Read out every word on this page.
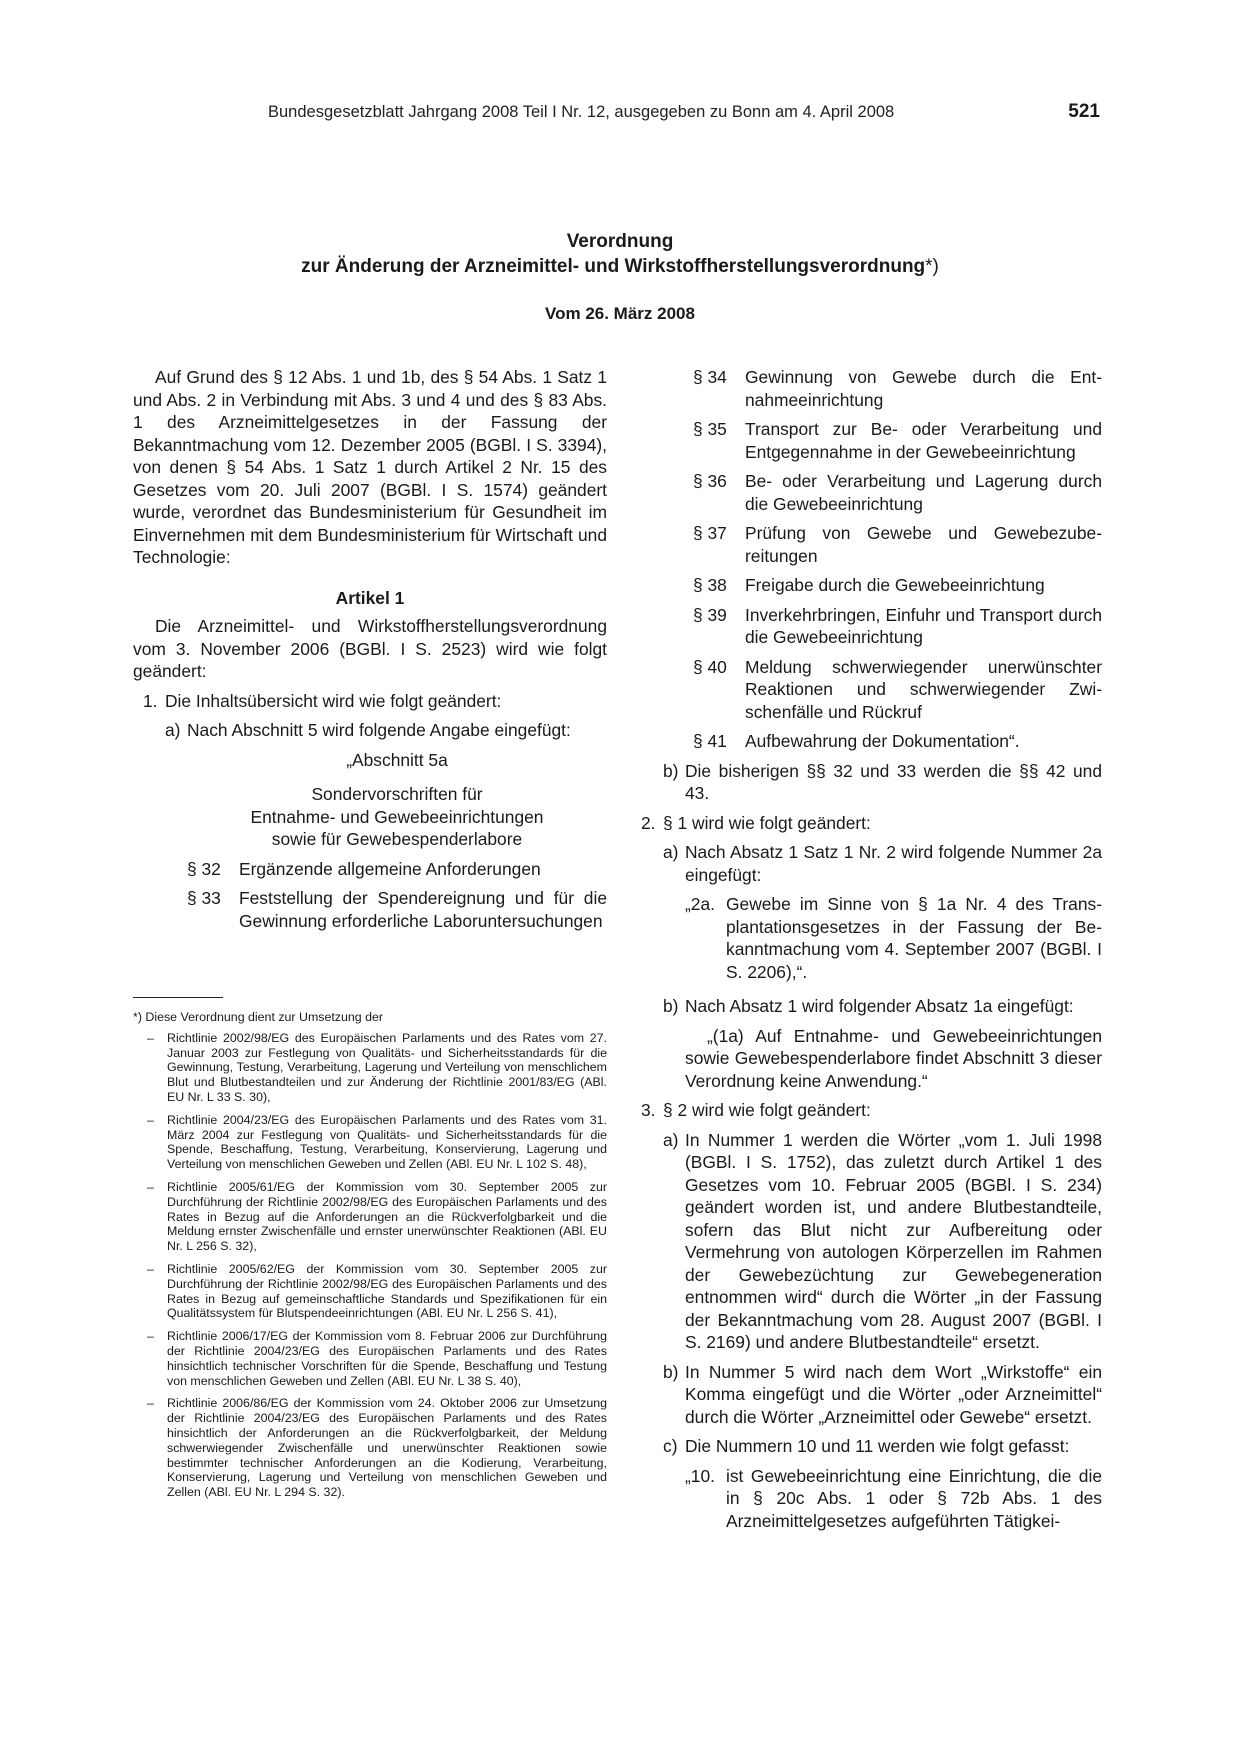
Bundesgesetzblatt Jahrgang 2008 Teil I Nr. 12, ausgegeben zu Bonn am 4. April 2008	521
Verordnung
zur Änderung der Arzneimittel- und Wirkstoffherstellungsverordnung*)
Vom 26. März 2008
Auf Grund des § 12 Abs. 1 und 1b, des § 54 Abs. 1 Satz 1 und Abs. 2 in Verbindung mit Abs. 3 und 4 und des § 83 Abs. 1 des Arzneimittelgesetzes in der Fassung der Bekanntmachung vom 12. Dezember 2005 (BGBl. I S. 3394), von denen § 54 Abs. 1 Satz 1 durch Artikel 2 Nr. 15 des Gesetzes vom 20. Juli 2007 (BGBl. I S. 1574) geändert wurde, verordnet das Bundesministerium für Gesundheit im Einvernehmen mit dem Bundesministerium für Wirtschaft und Technologie:
Artikel 1
Die Arzneimittel- und Wirkstoffherstellungsverordnung vom 3. November 2006 (BGBl. I S. 2523) wird wie folgt geändert:
1. Die Inhaltsübersicht wird wie folgt geändert:
a) Nach Abschnitt 5 wird folgende Angabe eingefügt:
„Abschnitt 5a
Sondervorschriften für
Entnahme- und Gewebeeinrichtungen
sowie für Gewebespenderlabore
§ 32	Ergänzende allgemeine Anforderungen
§ 33	Feststellung der Spendereignung und für die Gewinnung erforderliche Laboruntersuchungen
*) Diese Verordnung dient zur Umsetzung der
–	Richtlinie 2002/98/EG des Europäischen Parlaments und des Rates vom 27. Januar 2003 zur Festlegung von Qualitäts- und Sicherheitsstandards für die Gewinnung, Testung, Verarbeitung, Lagerung und Verteilung von menschlichem Blut und Blutbestandteilen und zur Änderung der Richtlinie 2001/83/EG (ABl. EU Nr. L 33 S. 30),
–	Richtlinie 2004/23/EG des Europäischen Parlaments und des Rates vom 31. März 2004 zur Festlegung von Qualitäts- und Sicherheitsstandards für die Spende, Beschaffung, Testung, Verarbeitung, Konservierung, Lagerung und Verteilung von menschlichen Geweben und Zellen (ABl. EU Nr. L 102 S. 48),
–	Richtlinie 2005/61/EG der Kommission vom 30. September 2005 zur Durchführung der Richtlinie 2002/98/EG des Europäischen Parlaments und des Rates in Bezug auf die Anforderungen an die Rückverfolgbarkeit und die Meldung ernster Zwischenfälle und ernster unerwünschter Reaktionen (ABl. EU Nr. L 256 S. 32),
–	Richtlinie 2005/62/EG der Kommission vom 30. September 2005 zur Durchführung der Richtlinie 2002/98/EG des Europäischen Parlaments und des Rates in Bezug auf gemeinschaftliche Standards und Spezifikationen für ein Qualitätssystem für Blutspendeeinrichtungen (ABl. EU Nr. L 256 S. 41),
–	Richtlinie 2006/17/EG der Kommission vom 8. Februar 2006 zur Durchführung der Richtlinie 2004/23/EG des Europäischen Parlaments und des Rates hinsichtlich technischer Vorschriften für die Spende, Beschaffung und Testung von menschlichen Geweben und Zellen (ABl. EU Nr. L 38 S. 40),
–	Richtlinie 2006/86/EG der Kommission vom 24. Oktober 2006 zur Umsetzung der Richtlinie 2004/23/EG des Europäischen Parlaments und des Rates hinsichtlich der Anforderungen an die Rückverfolgbarkeit, der Meldung schwerwiegender Zwischenfälle und unerwünschter Reaktionen sowie bestimmter technischer Anforderungen an die Kodierung, Verarbeitung, Konservierung, Lagerung und Verteilung von menschlichen Geweben und Zellen (ABl. EU Nr. L 294 S. 32).
§ 34	Gewinnung von Gewebe durch die Entnahmeeinrichtung
§ 35	Transport zur Be- oder Verarbeitung und Entgegennahme in der Gewebeeinrichtung
§ 36	Be- oder Verarbeitung und Lagerung durch die Gewebeeinrichtung
§ 37	Prüfung von Gewebe und Gewebezubereitungen
§ 38	Freigabe durch die Gewebeeinrichtung
§ 39	Inverkehrbringen, Einfuhr und Transport durch die Gewebeeinrichtung
§ 40	Meldung schwerwiegender unerwünschter Reaktionen und schwerwiegender Zwischenfälle und Rückruf
§ 41	Aufbewahrung der Dokumentation“.
b) Die bisherigen §§ 32 und 33 werden die §§ 42 und 43.
2. § 1 wird wie folgt geändert:
a) Nach Absatz 1 Satz 1 Nr. 2 wird folgende Nummer 2a eingefügt:
„2a. Gewebe im Sinne von § 1a Nr. 4 des Transplantationsgesetzes in der Fassung der Bekanntmachung vom 4. September 2007 (BGBl. I S. 2206),“.
b) Nach Absatz 1 wird folgender Absatz 1a eingefügt:
„(1a) Auf Entnahme- und Gewebeeinrichtungen sowie Gewebespenderlabore findet Abschnitt 3 dieser Verordnung keine Anwendung.“
3. § 2 wird wie folgt geändert:
a) In Nummer 1 werden die Wörter „vom 1. Juli 1998 (BGBl. I S. 1752), das zuletzt durch Artikel 1 des Gesetzes vom 10. Februar 2005 (BGBl. I S. 234) geändert worden ist, und andere Blutbestandteile, sofern das Blut nicht zur Aufbereitung oder Vermehrung von autologen Körperzellen im Rahmen der Gewebezüchtung zur Gewebegeneration entnommen wird“ durch die Wörter „in der Fassung der Bekanntmachung vom 28. August 2007 (BGBl. I S. 2169) und andere Blutbestandteile“ ersetzt.
b) In Nummer 5 wird nach dem Wort „Wirkstoffe“ ein Komma eingefügt und die Wörter „oder Arzneimittel“ durch die Wörter „Arzneimittel oder Gewebe“ ersetzt.
c) Die Nummern 10 und 11 werden wie folgt gefasst:
„10. ist Gewebeeinrichtung eine Einrichtung, die die in § 20c Abs. 1 oder § 72b Abs. 1 des Arzneimittelgesetzes aufgeführten Tätigkei-
